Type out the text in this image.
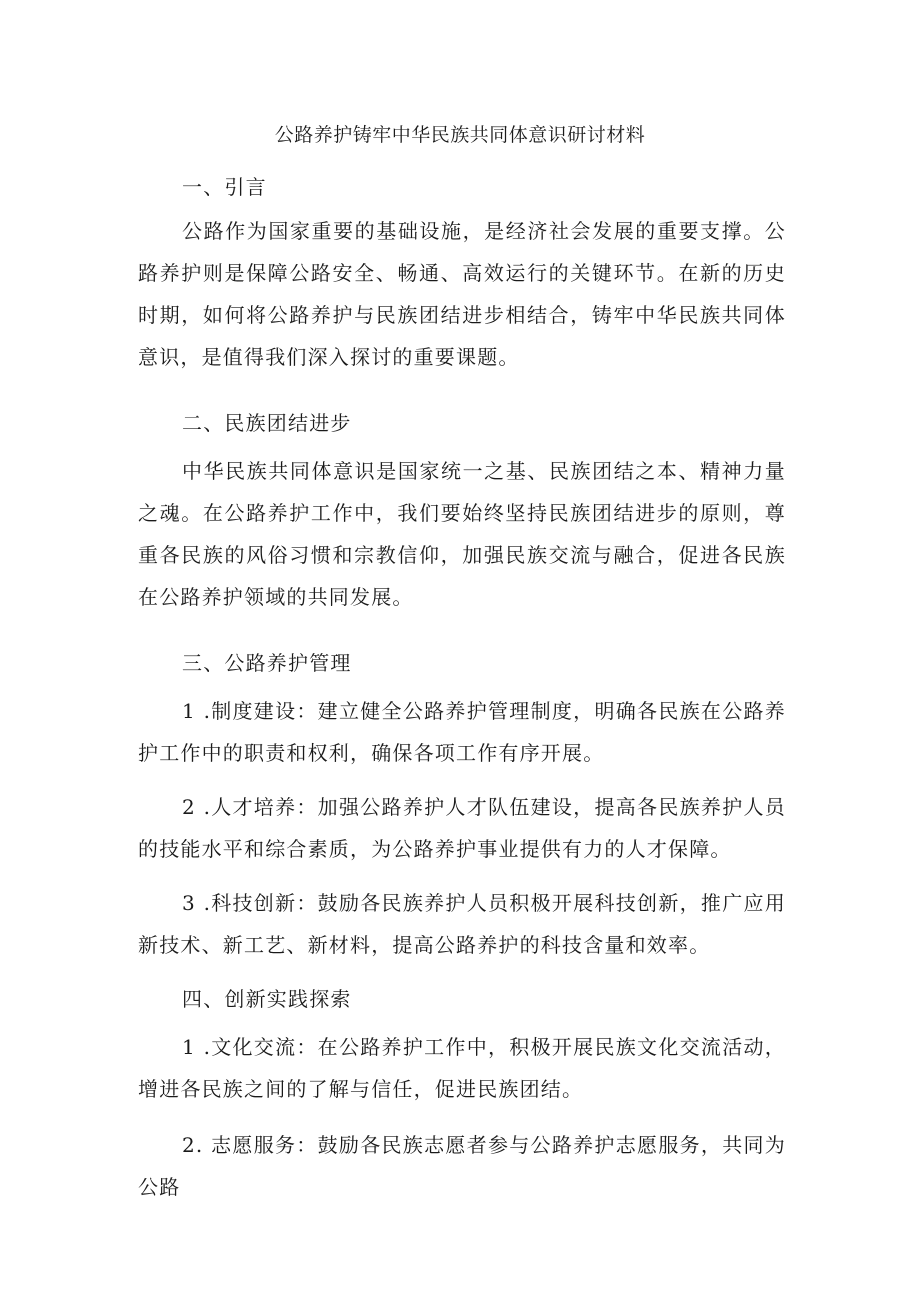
公路养护铸牢中华民族共同体意识研讨材料

一、引言

公路作为国家重要的基础设施，是经济社会发展的重要支撑。公路养护则是保障公路安全、畅通、高效运行的关键环节。在新的历史时期，如何将公路养护与民族团结进步相结合，铸牢中华民族共同体意识，是值得我们深入探讨的重要课题。

二、民族团结进步

中华民族共同体意识是国家统一之基、民族团结之本、精神力量之魂。在公路养护工作中，我们要始终坚持民族团结进步的原则，尊重各民族的风俗习惯和宗教信仰，加强民族交流与融合，促进各民族在公路养护领域的共同发展。

三、公路养护管理

1 .制度建设：建立健全公路养护管理制度，明确各民族在公路养护工作中的职责和权利，确保各项工作有序开展。

2 .人才培养：加强公路养护人才队伍建设，提高各民族养护人员的技能水平和综合素质，为公路养护事业提供有力的人才保障。

3 .科技创新：鼓励各民族养护人员积极开展科技创新，推广应用新技术、新工艺、新材料，提高公路养护的科技含量和效率。

四、创新实践探索

1 .文化交流：在公路养护工作中，积极开展民族文化交流活动，增进各民族之间的了解与信任，促进民族团结。

2. 志愿服务：鼓励各民族志愿者参与公路养护志愿服务，共同为公路
